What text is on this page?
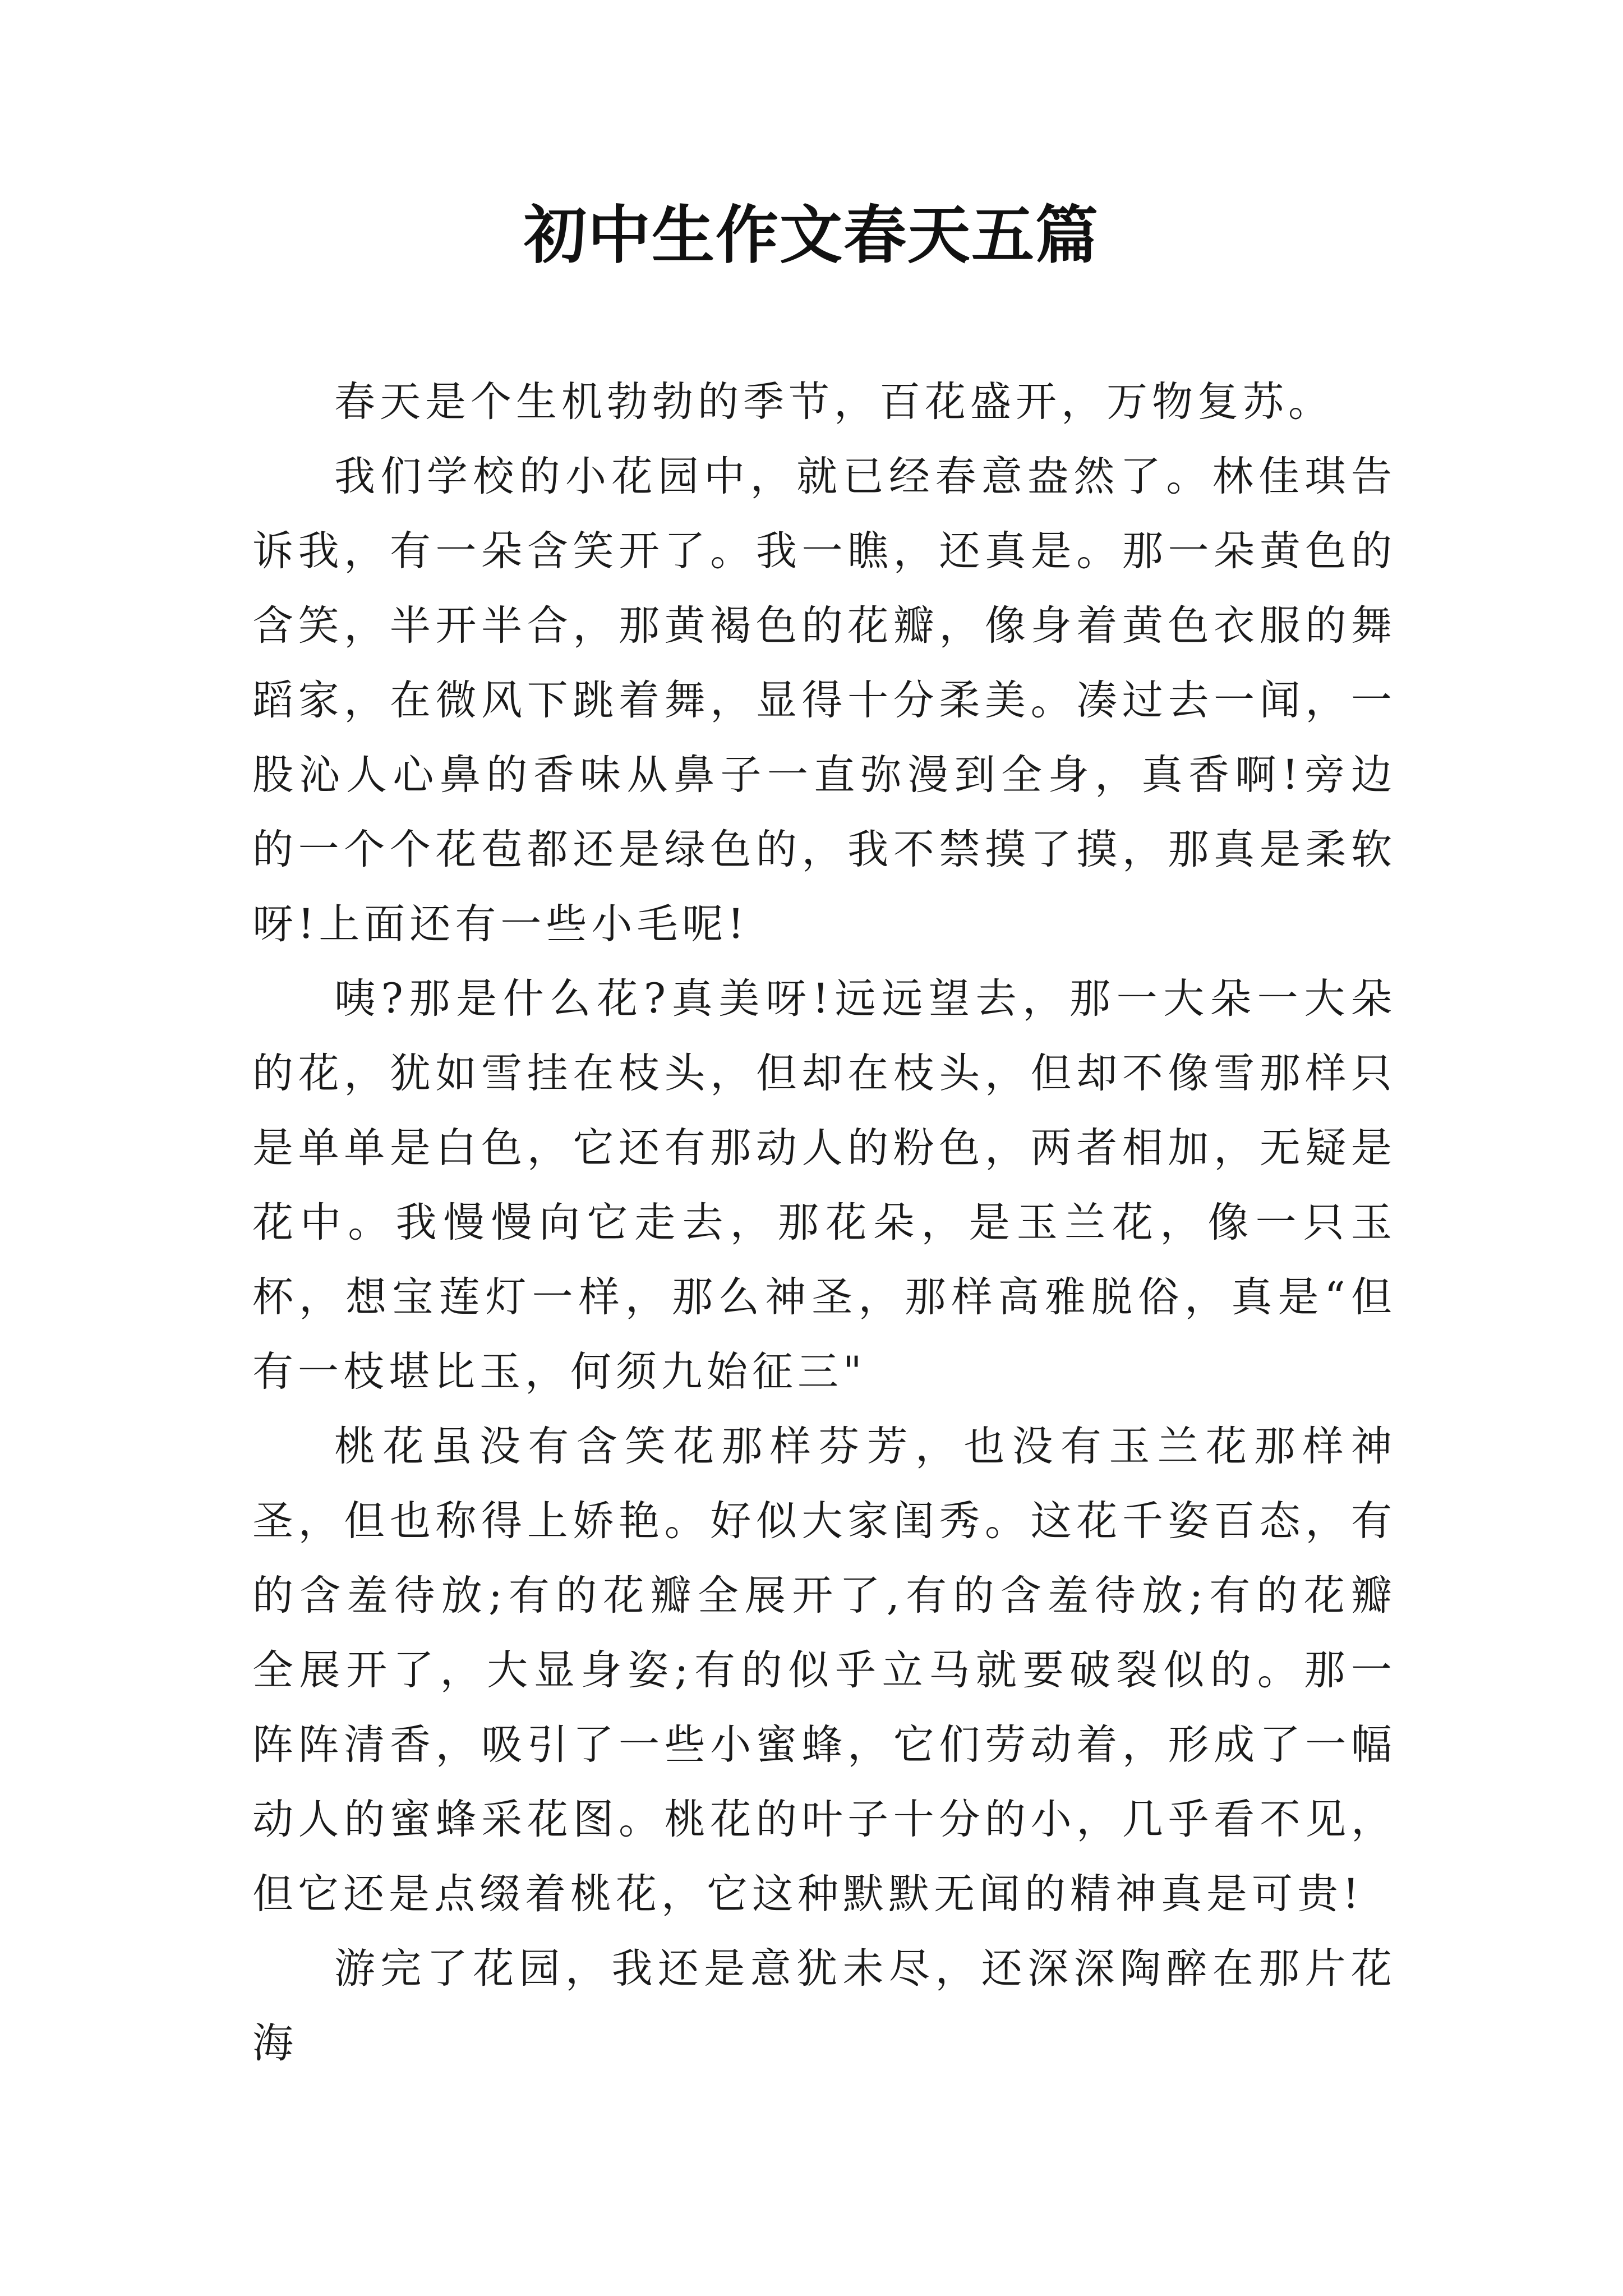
初中生作文春天五篇

春天是个生机勃勃的季节，百花盛开，万物复苏。

我们学校的小花园中，就已经春意盎然了。林佳琪告诉我，有一朵含笑开了。我一瞧，还真是。那一朵黄色的含笑，半开半合，那黄褐色的花瓣，像身着黄色衣服的舞蹈家，在微风下跳着舞，显得十分柔美。凑过去一闻，一股沁人心鼻的香味从鼻子一直弥漫到全身，真香啊!旁边的一个个花苞都还是绿色的，我不禁摸了摸，那真是柔软呀!上面还有一些小毛呢!

咦?那是什么花?真美呀!远远望去，那一大朵一大朵的花，犹如雪挂在枝头，但却在枝头，但却不像雪那样只是单单是白色，它还有那动人的粉色，两者相加，无疑是花中。我慢慢向它走去，那花朵，是玉兰花，像一只玉杯，想宝莲灯一样，那么神圣，那样高雅脱俗，真是“但有一枝堪比玉，何须九始征三"

桃花虽没有含笑花那样芬芳，也没有玉兰花那样神圣，但也称得上娇艳。好似大家闺秀。这花千姿百态，有的含羞待放;有的花瓣全展开了,有的含羞待放;有的花瓣全展开了，大显身姿;有的似乎立马就要破裂似的。那一阵阵清香，吸引了一些小蜜蜂，它们劳动着，形成了一幅动人的蜜蜂采花图。桃花的叶子十分的小，几乎看不见，但它还是点缀着桃花，它这种默默无闻的精神真是可贵!

游完了花园，我还是意犹未尽，还深深陶醉在那片花海
